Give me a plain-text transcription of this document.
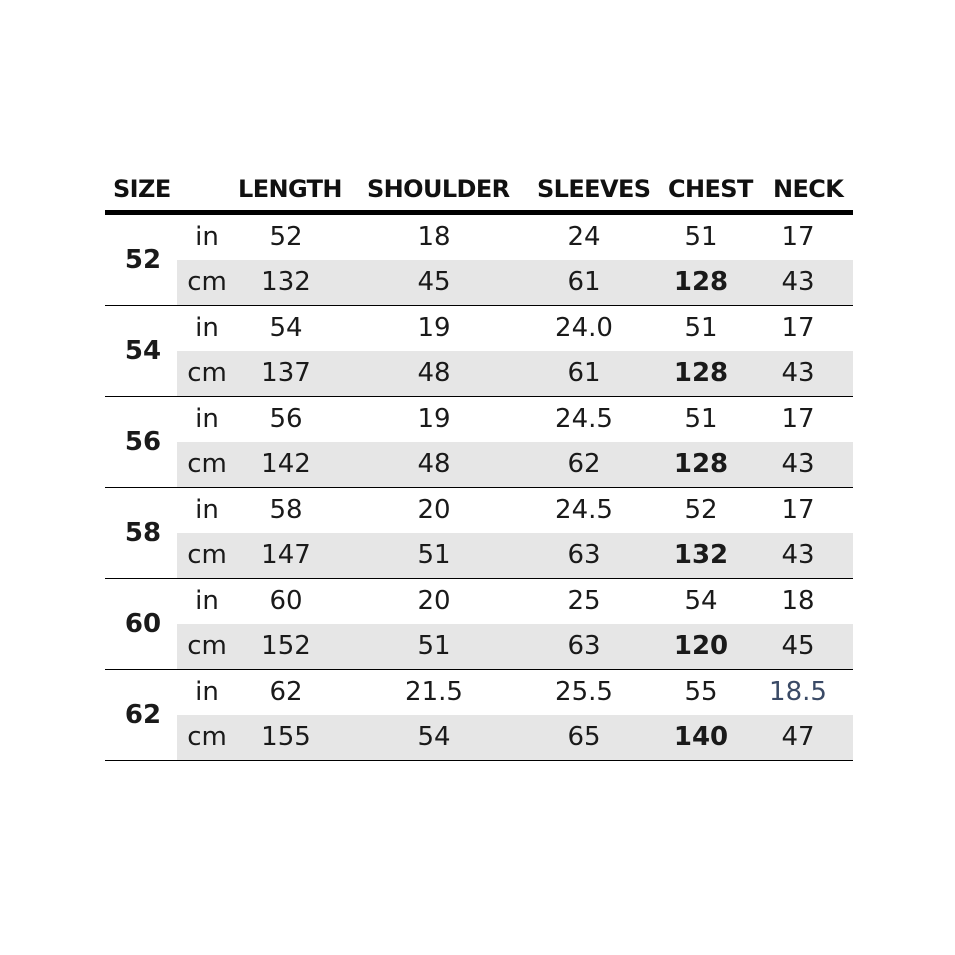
SIZE	LENGTH SHOULDER SLEEVES CHEST NECK
52
in	52	18	24	51	17
cm	132	45	61	128	43
54
in	54	19	24.0	51	17
cm	137	48	61	128	43
56
in	56	19	24.5	51	17
cm	142	48	62	128	43
58
in	58	20	24.5	52	17
cm	147	51	63	132	43
60
in	60	20	25	54	18
cm	152	51	63	120	45
62
in	62	21.5	25.5	55	18.5
cm	155	54	65	140	47
